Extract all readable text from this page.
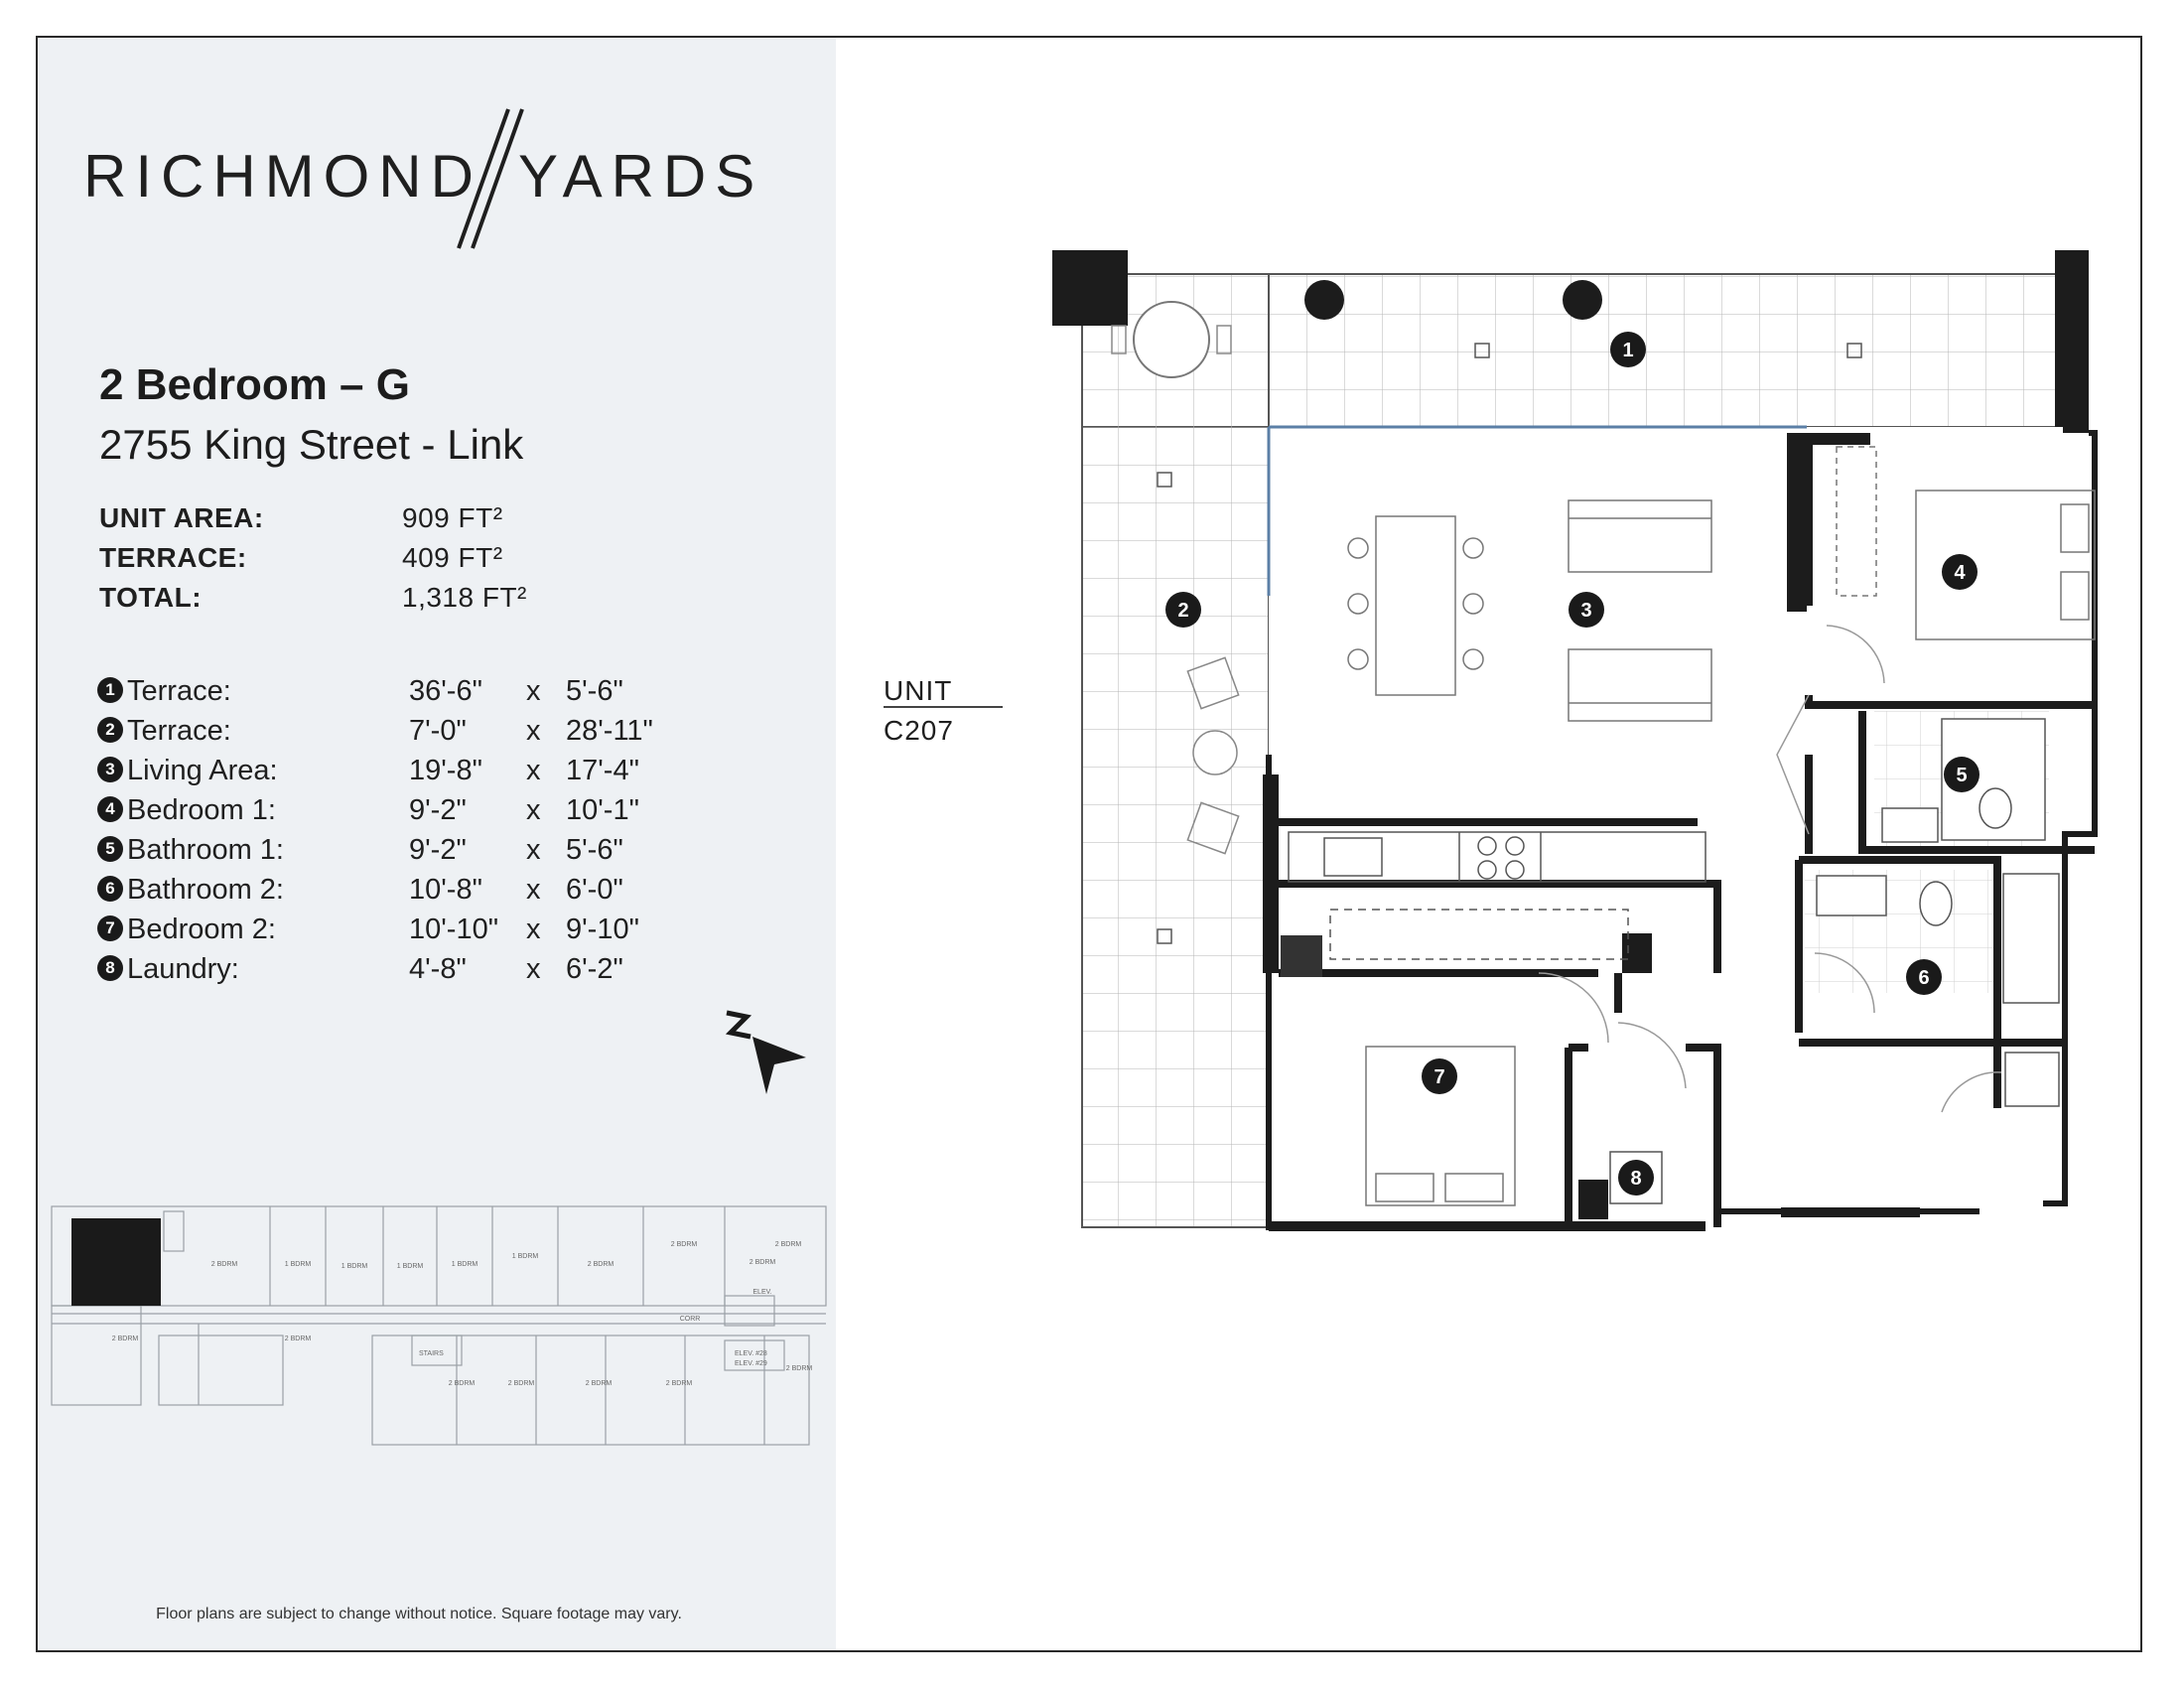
RICHMOND YARDS
2 Bedroom – G
2755 King Street - Link
UNIT AREA:	909 FT²
TERRACE:	409 FT²
TOTAL:	1,318 FT²
1 Terrace:	36'-6" x 5'-6"
2 Terrace:	7'-0" x 28'-11"
3 Living Area:	19'-8" x 17'-4"
4 Bedroom 1:	9'-2" x 10'-1"
5 Bathroom 1:	9'-2" x 5'-6"
6 Bathroom 2:	10'-8" x 6'-0"
7 Bedroom 2:	10'-10" x 9'-10"
8 Laundry:	4'-8" x 6'-2"
2 BDRM	1 BDRM	1 BDRM	1 BDRM	1 BDRM
1 BDRM
2 BDRM
2 BDRM	2 BDRM
2 BDRM	2 BDRM
2 BDRM	2 BDRM	2 BDRM	2 BDRM
2 BDRM
2 BDRM
CORR
ELEV.
ELEV. #28
ELEV. #29
STAIRS
Floor plans are subject to change without notice. Square footage may vary.
UNIT
C207
1
2	3
4
5
6
7
8
